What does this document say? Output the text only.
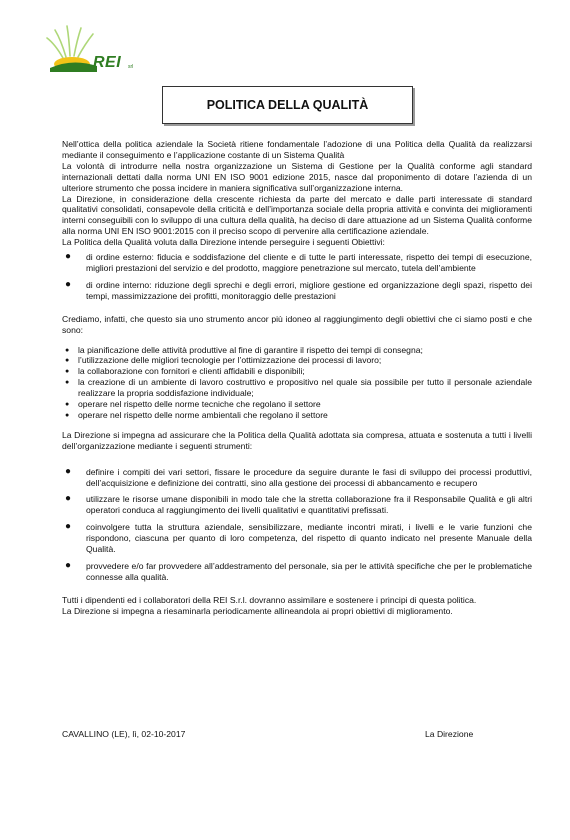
REI srl
POLITICA DELLA QUALITÀ

Nell’ottica della politica aziendale la Società ritiene fondamentale l’adozione di una Politica della Qualità da realizzarsi mediante il conseguimento e l’applicazione costante di un Sistema Qualità

La volontà di introdurre nella nostra organizzazione un Sistema di Gestione per la Qualità conforme agli standard internazionali dettati dalla norma UNI EN ISO 9001 edizione 2015, nasce dal proponimento di dotare l’azienda di un ulteriore strumento che possa incidere in maniera significativa sull’organizzazione interna.

La Direzione, in considerazione della crescente richiesta da parte del mercato e dalle parti interessate di standard qualitativi consolidati, consapevole della criticità e dell’importanza sociale della propria attività e convinta dei miglioramenti interni conseguibili con lo sviluppo di una cultura della qualità, ha deciso di dare attuazione ad un Sistema Qualità conforme alla norma UNI EN ISO 9001:2015 con il preciso scopo di pervenire alla certificazione aziendale.

La Politica della Qualità voluta dalla Direzione intende perseguire i seguenti Obiettivi:

● di ordine esterno: fiducia e soddisfazione del cliente e di tutte le parti interessate, rispetto dei tempi di esecuzione, migliori prestazioni del servizio e del prodotto, maggiore penetrazione sul mercato, tutela dell’ambiente
● di ordine interno: riduzione degli sprechi e degli errori, migliore gestione ed organizzazione degli spazi, rispetto dei tempi, massimizzazione dei profitti, monitoraggio delle prestazioni

Crediamo, infatti, che questo sia uno strumento ancor più idoneo al raggiungimento degli obiettivi che ci siamo posti e che sono:

● la pianificazione delle attività produttive al fine di garantire il rispetto dei tempi di consegna;
● l’utilizzazione delle migliori tecnologie per l’ottimizzazione dei processi di lavoro;
● la collaborazione con fornitori e clienti affidabili e disponibili;
● la creazione di un ambiente di lavoro costruttivo e propositivo nel quale sia possibile per tutto il personale aziendale realizzare la propria soddisfazione individuale;
● operare nel rispetto delle norme tecniche che regolano il settore
● operare nel rispetto delle norme ambientali che regolano il settore

La Direzione si impegna ad assicurare che la Politica della Qualità adottata sia compresa, attuata e sostenuta a tutti i livelli dell’organizzazione mediante i seguenti strumenti:

● definire i compiti dei vari settori, fissare le procedure da seguire durante le fasi di sviluppo dei processi produttivi, dell’acquisizione e definizione dei contratti, sino alla gestione dei processi di abbancamento e recupero
● utilizzare le risorse umane disponibili in modo tale che la stretta collaborazione fra il Responsabile Qualità e gli altri operatori conduca al raggiungimento dei livelli qualitativi e quantitativi prefissati.
● coinvolgere tutta la struttura aziendale, sensibilizzare, mediante incontri mirati, i livelli e le varie funzioni che rispondono, ciascuna per quanto di loro competenza, del rispetto di quanto indicato nel presente Manuale della Qualità.
● provvedere e/o far provvedere all’addestramento del personale, sia per le attività specifiche che per le problematiche connesse alla qualità.

Tutti i dipendenti ed i collaboratori della REI S.r.l. dovranno assimilare e sostenere i principi di questa politica.

La Direzione si impegna a riesaminarla periodicamente allineandola ai propri obiettivi di miglioramento.

CAVALLINO (LE), lì, 02-10-2017	La Direzione
